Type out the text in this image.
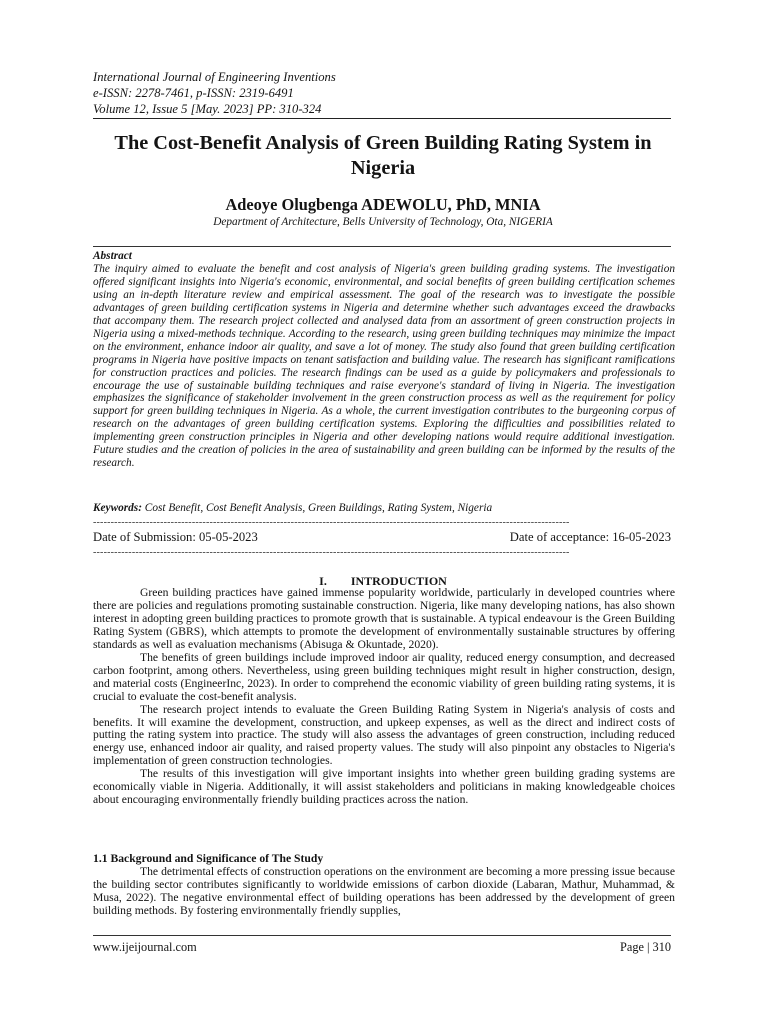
International Journal of Engineering Inventions
e-ISSN: 2278-7461, p-ISSN: 2319-6491
Volume 12, Issue 5 [May. 2023] PP: 310-324
The Cost-Benefit Analysis of Green Building Rating System in Nigeria
Adeoye Olugbenga ADEWOLU, PhD, MNIA
Department of Architecture, Bells University of Technology, Ota, NIGERIA
Abstract

The inquiry aimed to evaluate the benefit and cost analysis of Nigeria's green building grading systems. The investigation offered significant insights into Nigeria's economic, environmental, and social benefits of green building certification schemes using an in-depth literature review and empirical assessment. The goal of the research was to investigate the possible advantages of green building certification systems in Nigeria and determine whether such advantages exceed the drawbacks that accompany them. The research project collected and analysed data from an assortment of green construction projects in Nigeria using a mixed-methods technique. According to the research, using green building techniques may minimize the impact on the environment, enhance indoor air quality, and save a lot of money. The study also found that green building certification programs in Nigeria have positive impacts on tenant satisfaction and building value. The research has significant ramifications for construction practices and policies. The research findings can be used as a guide by policymakers and professionals to encourage the use of sustainable building techniques and raise everyone's standard of living in Nigeria. The investigation emphasizes the significance of stakeholder involvement in the green construction process as well as the requirement for policy support for green building techniques in Nigeria. As a whole, the current investigation contributes to the burgeoning corpus of research on the advantages of green building certification systems. Exploring the difficulties and possibilities related to implementing green construction principles in Nigeria and other developing nations would require additional investigation. Future studies and the creation of policies in the area of sustainability and green building can be informed by the results of the research.

Keywords: Cost Benefit, Cost Benefit Analysis, Green Buildings, Rating System, Nigeria
---------------------------------------------------------------------------------------------------------------------------------------
Date of Submission: 05-05-2023	Date of acceptance: 16-05-2023
---------------------------------------------------------------------------------------------------------------------------------------
I.        INTRODUCTION

Green building practices have gained immense popularity worldwide, particularly in developed countries where there are policies and regulations promoting sustainable construction. Nigeria, like many developing nations, has also shown interest in adopting green building practices to promote growth that is sustainable. A typical endeavour is the Green Building Rating System (GBRS), which attempts to promote the development of environmentally sustainable structures by offering standards as well as evaluation mechanisms (Abisuga & Okuntade, 2020).

The benefits of green buildings include improved indoor air quality, reduced energy consumption, and decreased carbon footprint, among others. Nevertheless, using green building techniques might result in higher construction, design, and material costs (EngineerInc, 2023). In order to comprehend the economic viability of green building rating systems, it is crucial to evaluate the cost-benefit analysis.

The research project intends to evaluate the Green Building Rating System in Nigeria's analysis of costs and benefits. It will examine the development, construction, and upkeep expenses, as well as the direct and indirect costs of putting the rating system into practice. The study will also assess the advantages of green construction, including reduced energy use, enhanced indoor air quality, and raised property values. The study will also pinpoint any obstacles to Nigeria's implementation of green construction technologies.

The results of this investigation will give important insights into whether green building grading systems are economically viable in Nigeria. Additionally, it will assist stakeholders and politicians in making knowledgeable choices about encouraging environmentally friendly building practices across the nation.

1.1 Background and Significance of The Study

The detrimental effects of construction operations on the environment are becoming a more pressing issue because the building sector contributes significantly to worldwide emissions of carbon dioxide (Labaran, Mathur, Muhammad, & Musa, 2022). The negative environmental effect of building operations has been addressed by the development of green building methods. By fostering environmentally friendly supplies,

www.ijeijournal.com	Page | 310
